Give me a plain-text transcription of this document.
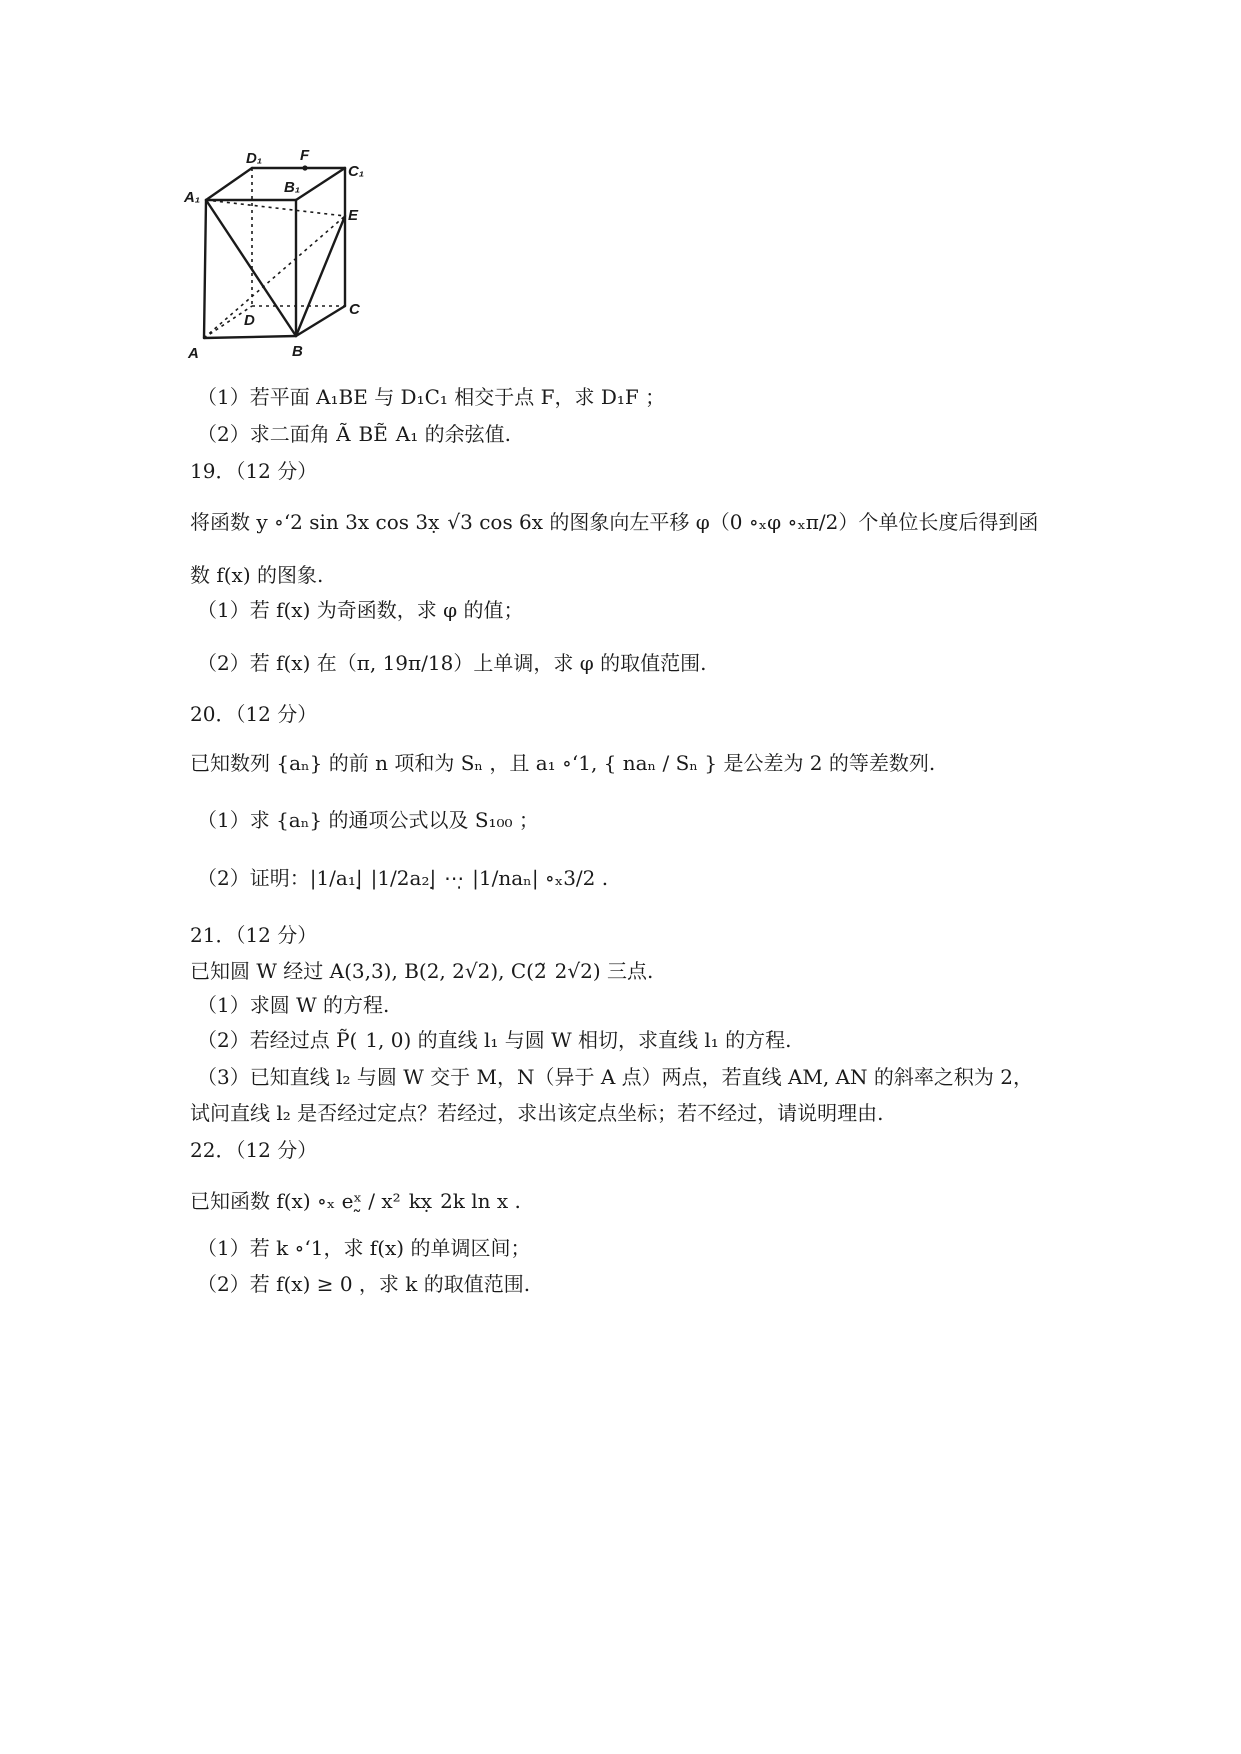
D₁	F
C₁
A₁
B₁
E
D
C
A	B

（1）若平面 A₁BE 与 D₁C₁ 相交于点 F，求 D₁F ；

（2）求二面角 Ã  BẼ  A₁ 的余弦值.

19．（12 分）

将函数 y ∘‘2 sin 3x cos 3x̣  √3 cos 6x 的图象向左平移 φ（0 ∘ₓφ ∘ₓπ/2）个单位长度后得到函

数 f(x) 的图象.

（1）若 f(x) 为奇函数，求 φ 的值；

（2）若 f(x) 在（π, 19π/18）上单调，求 φ 的取值范围.

20．（12 分）

已知数列 {aₙ} 的前 n 项和为 Sₙ ，且 a₁ ∘‘1, { naₙ / Sₙ } 是公差为 2 的等差数列.

（1）求 {aₙ} 的通项公式以及 S₁₀₀ ；

（2）证明：|1/a₁|̣  |1/2a₂|̣  ⋯̣  |1/naₙ| ∘ₓ3/2 .

21．（12 分）

已知圆 W 经过 A(3,3), B(2, 2√2), C(2̃  2√2) 三点.

（1）求圆 W 的方程.

（2）若经过点 P̃(  1, 0) 的直线 l₁ 与圆 W 相切，求直线 l₁ 的方程.

（3）已知直线 l₂ 与圆 W 交于 M，N（异于 A 点）两点，若直线 AM, AN 的斜率之积为 2，

试问直线 l₂ 是否经过定点？若经过，求出该定点坐标；若不经过，请说明理由.

22．（12 分）

已知函数 f(x) ∘ₓ eˣ̰ / x²  kx̣  2k ln x .

（1）若 k ∘‘1，求 f(x) 的单调区间；

（2）若 f(x) ≥ 0 ，求 k 的取值范围.
